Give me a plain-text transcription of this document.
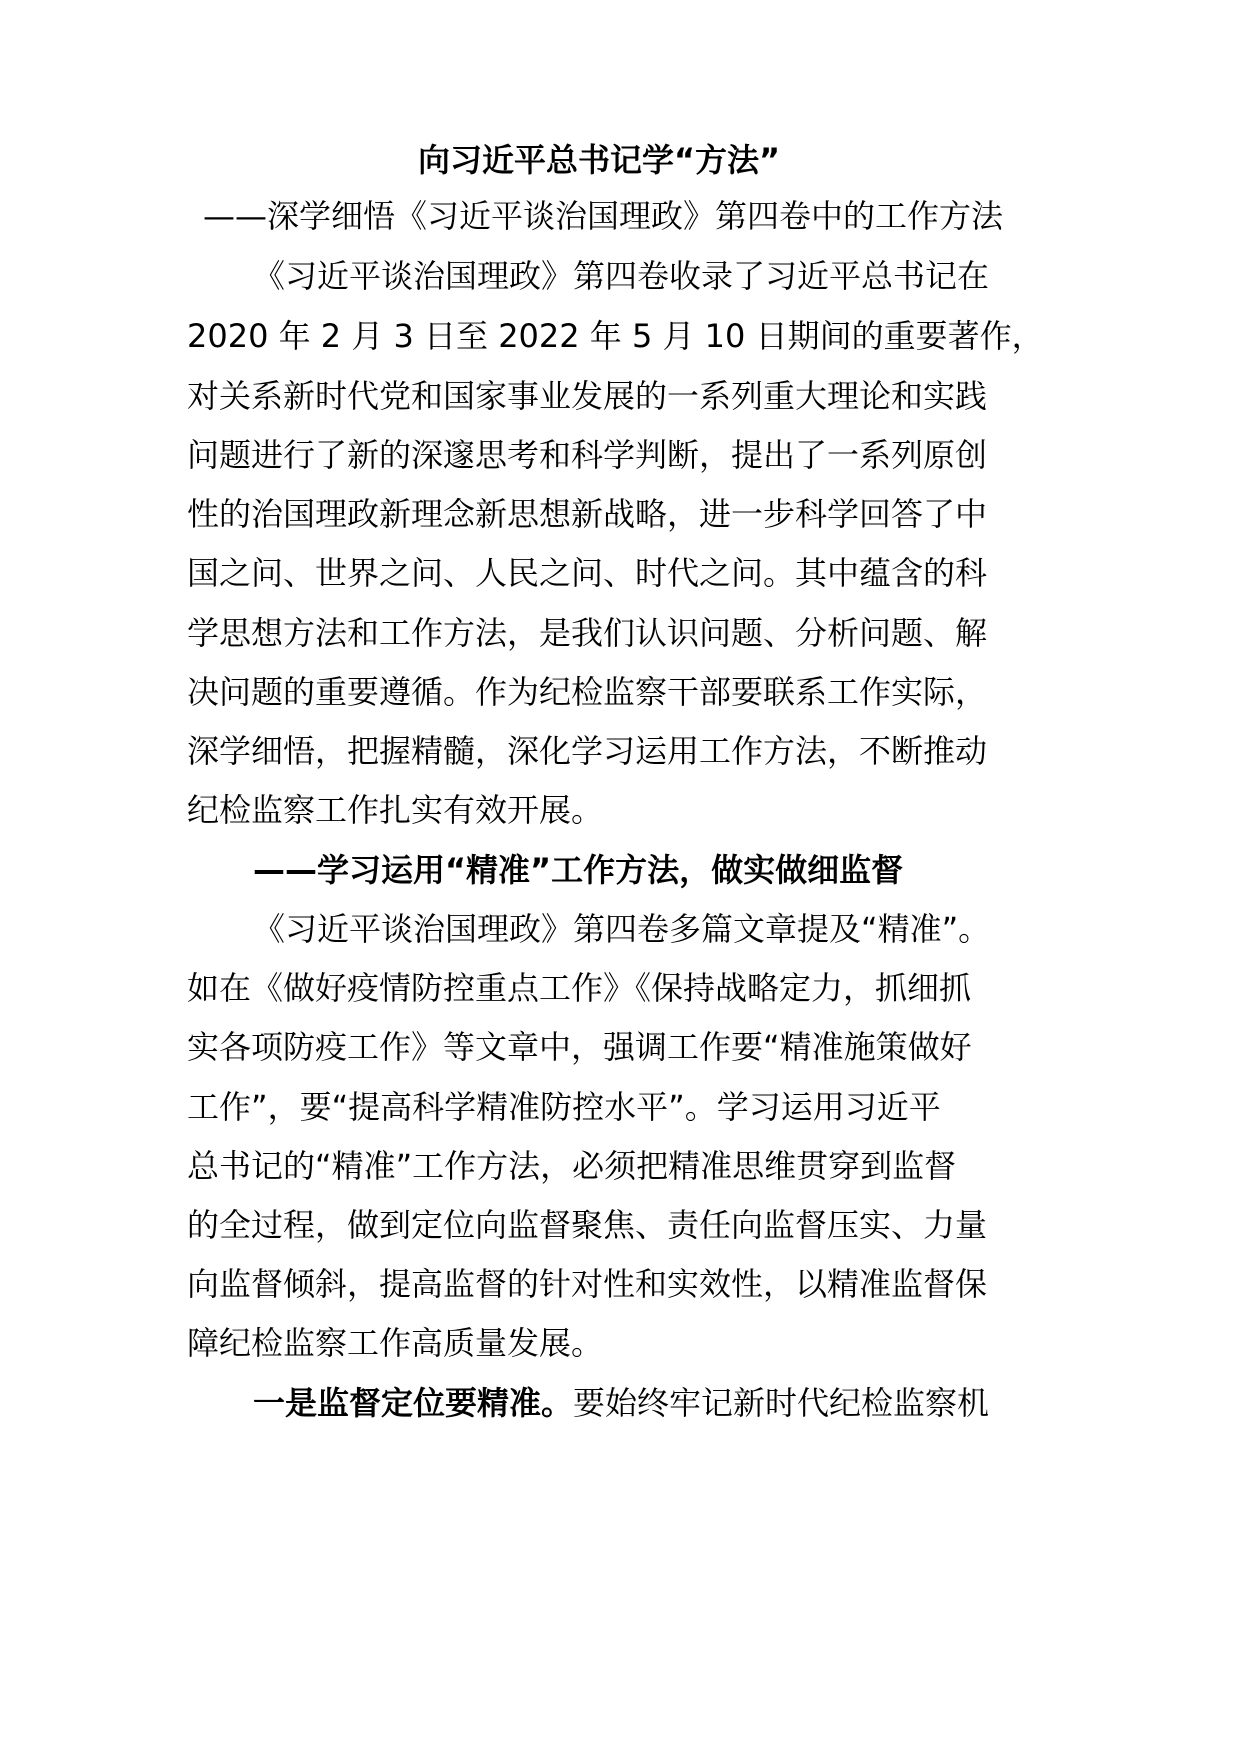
向习近平总书记学“方法”

——深学细悟《习近平谈治国理政》第四卷中的工作方法

《习近平谈治国理政》第四卷收录了习近平总书记在

2020 年 2 月 3 日至 2022 年 5 月 10 日期间的重要著作，

对关系新时代党和国家事业发展的一系列重大理论和实践

问题进行了新的深邃思考和科学判断，提出了一系列原创

性的治国理政新理念新思想新战略，进一步科学回答了中

国之问、世界之问、人民之问、时代之问。其中蕴含的科

学思想方法和工作方法，是我们认识问题、分析问题、解

决问题的重要遵循。作为纪检监察干部要联系工作实际，

深学细悟，把握精髓，深化学习运用工作方法，不断推动

纪检监察工作扎实有效开展。

——学习运用“精准”工作方法，做实做细监督

《习近平谈治国理政》第四卷多篇文章提及“精准”。

如在《做好疫情防控重点工作》《保持战略定力，抓细抓

实各项防疫工作》等文章中，强调工作要“精准施策做好

工作”，要“提高科学精准防控水平”。学习运用习近平

总书记的“精准”工作方法，必须把精准思维贯穿到监督

的全过程，做到定位向监督聚焦、责任向监督压实、力量

向监督倾斜，提高监督的针对性和实效性，以精准监督保

障纪检监察工作高质量发展。

一是监督定位要精准。要始终牢记新时代纪检监察机
